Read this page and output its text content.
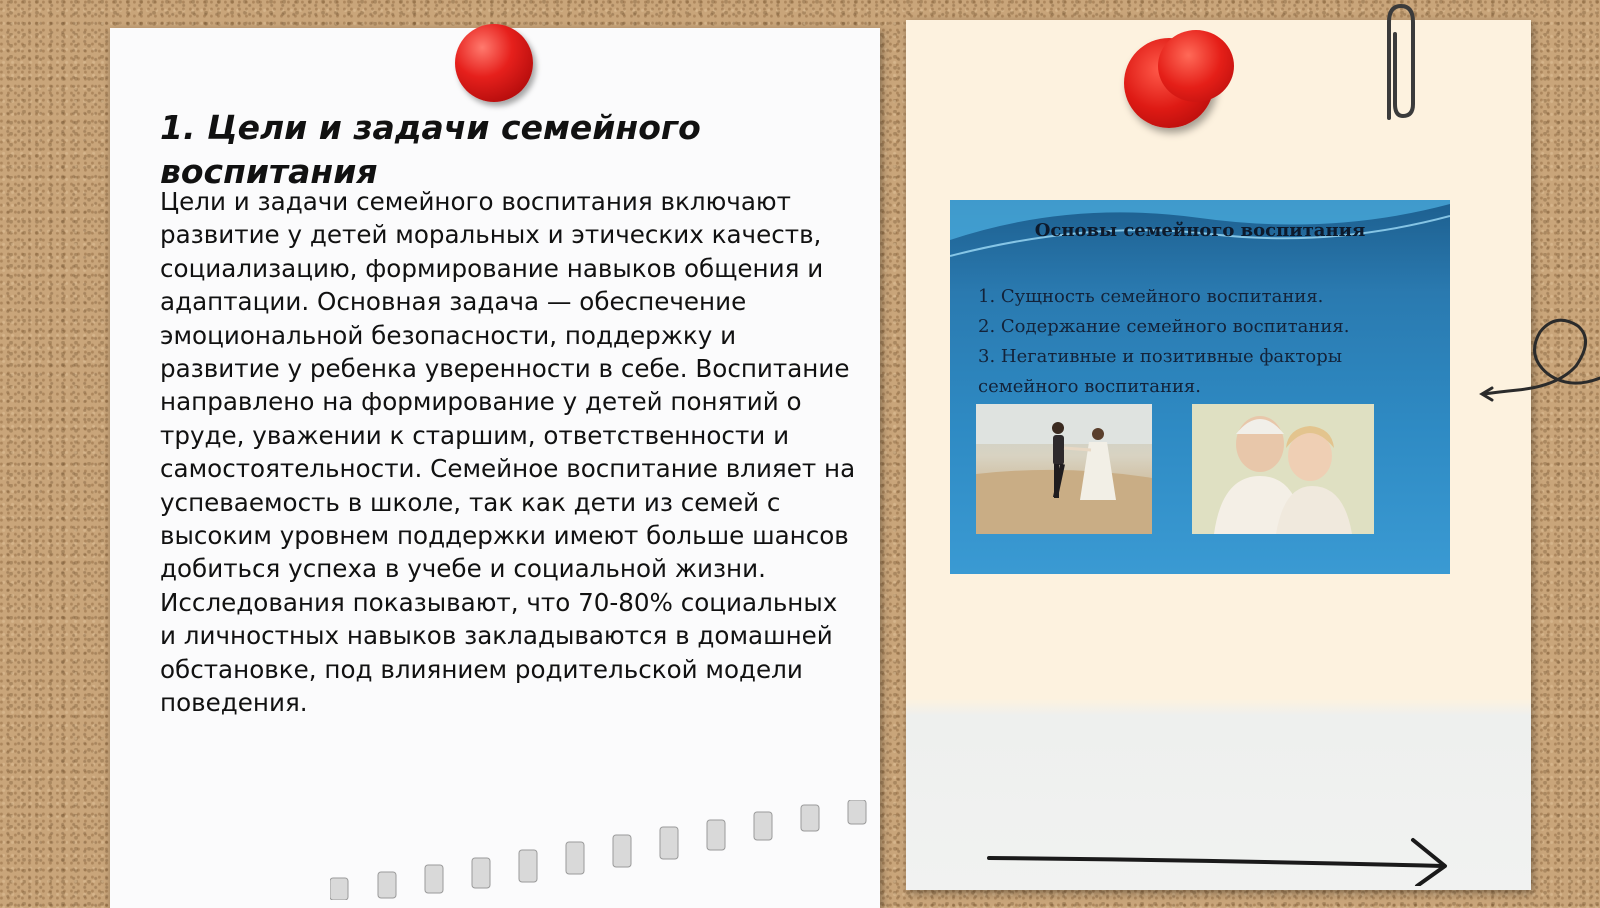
1. Цели и задачи семейного воспитания

Цели и задачи семейного воспитания включают развитие у детей моральных и этических качеств, социализацию, формирование навыков общения и адаптации. Основная задача — обеспечение эмоциональной безопасности, поддержку и развитие у ребенка уверенности в себе. Воспитание направлено на формирование у детей понятий о труде, уважении к старшим, ответственности и самостоятельности. Семейное воспитание влияет на успеваемость в школе, так как дети из семей с высоким уровнем поддержки имеют больше шансов добиться успеха в учебе и социальной жизни. Исследования показывают, что 70-80% социальных и личностных навыков закладываются в домашней обстановке, под влиянием родительской модели поведения.

Основы семейного воспитания
1. Сущность семейного воспитания.
2. Содержание семейного воспитания.
3. Негативные и позитивные факторы семейного воспитания.
